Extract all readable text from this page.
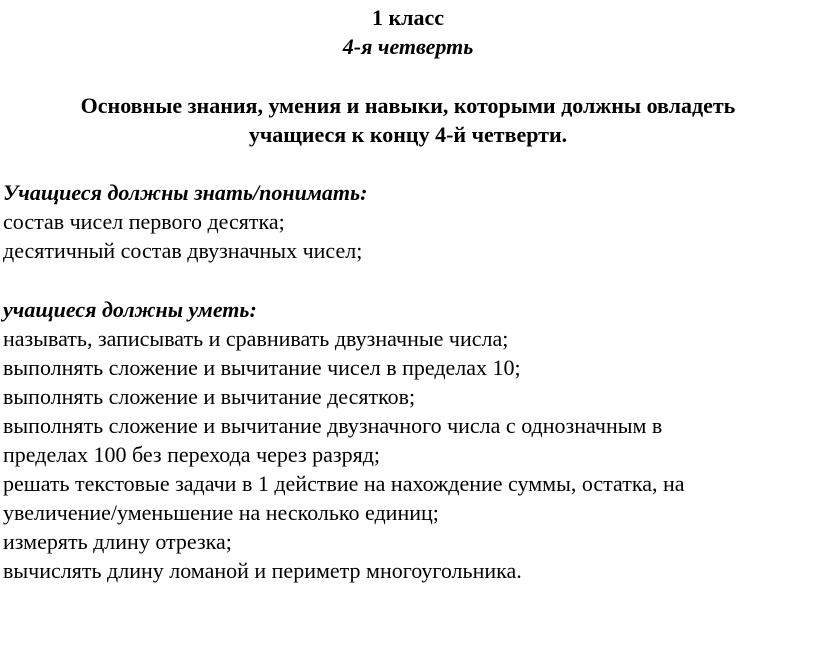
1 класс
4-я четверть
Основные знания, умения и навыки, которыми должны овладеть
учащиеся к концу 4-й четверти.
Учащиеся должны знать/понимать:
состав чисел первого десятка;
десятичный состав двузначных чисел;
учащиеся должны уметь:
называть, записывать и сравнивать двузначные числа;
выполнять сложение и вычитание чисел в пределах 10;
выполнять сложение и вычитание десятков;
выполнять сложение и вычитание двузначного числа с однозначным в
пределах 100 без перехода через разряд;
решать текстовые задачи в 1 действие на нахождение суммы, остатка, на
увеличение/уменьшение на несколько единиц;
измерять длину отрезка;
вычислять длину ломаной и периметр многоугольника.
